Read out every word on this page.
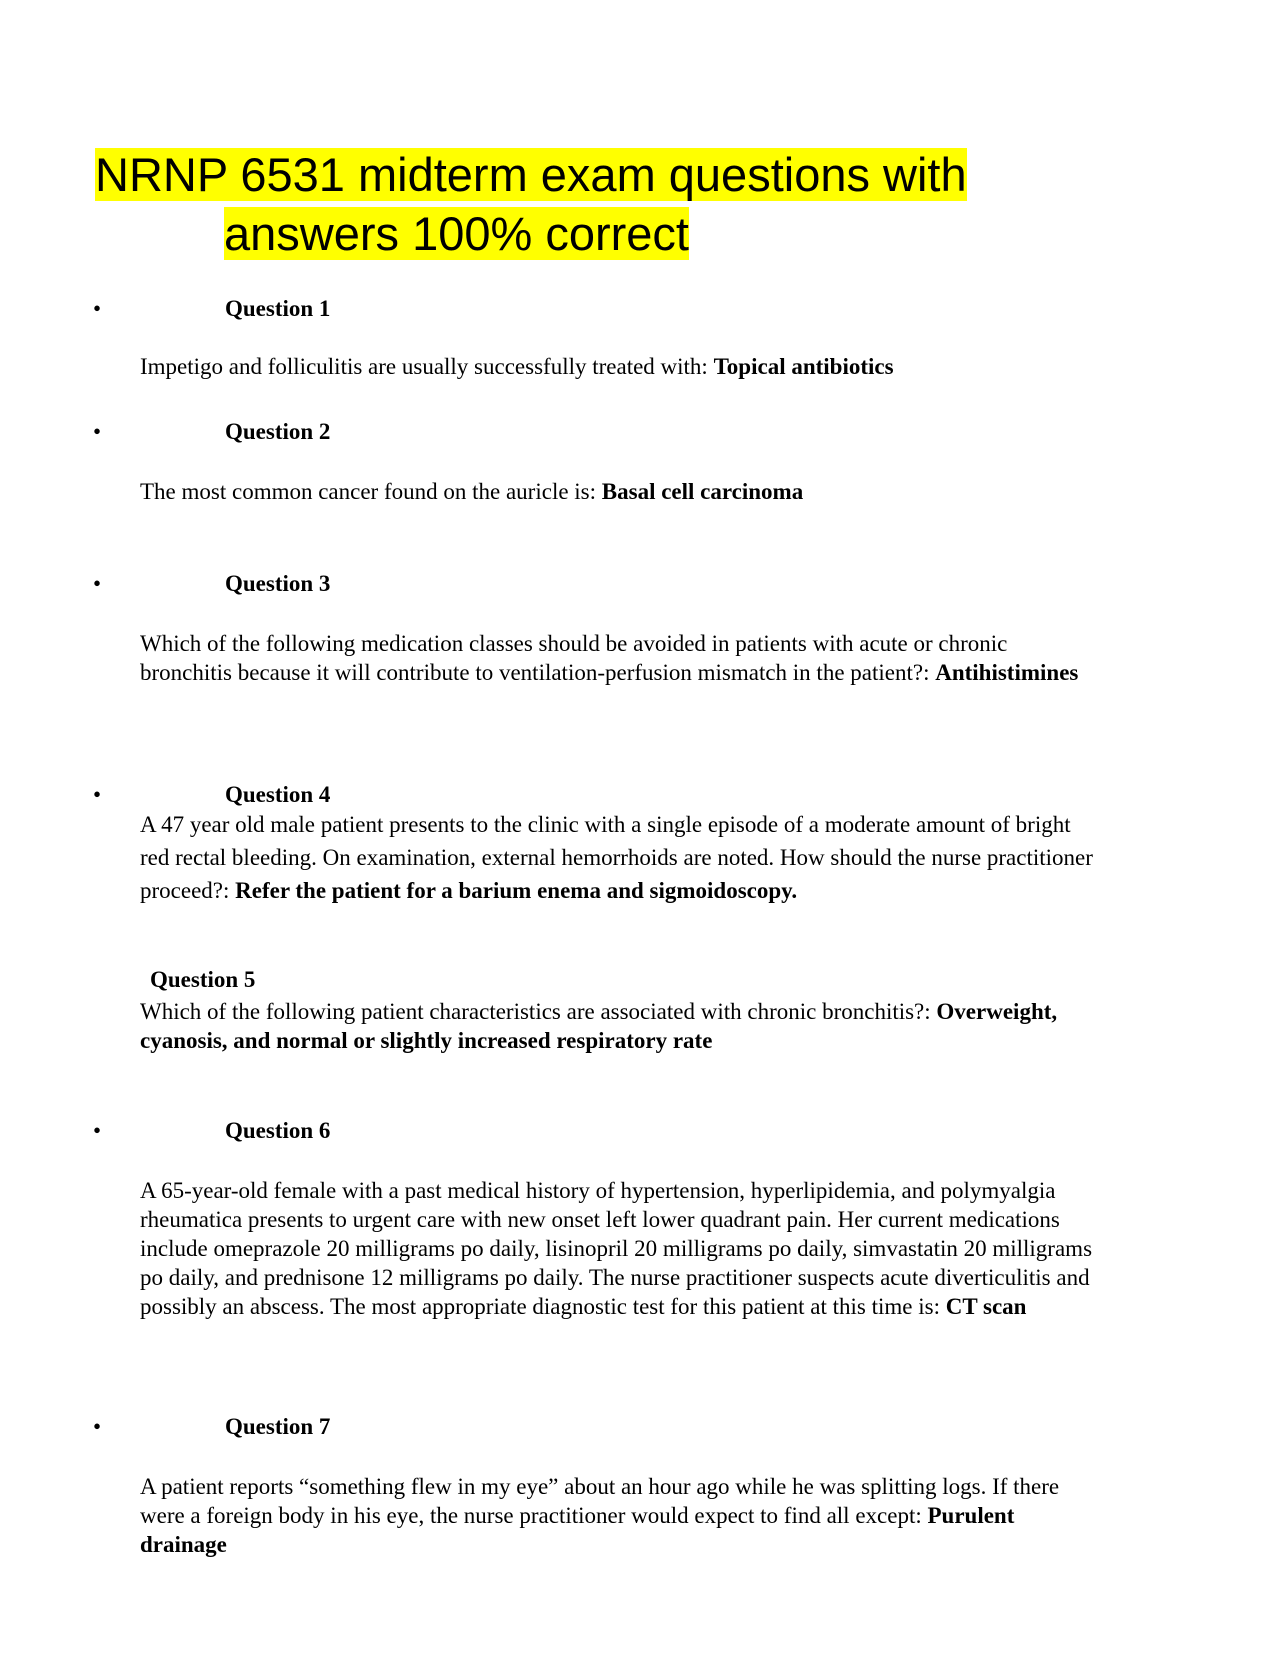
NRNP 6531 midterm exam questions with
answers 100% correct
•	Question 1
Impetigo and folliculitis are usually successfully treated with: Topical antibiotics
•	Question 2
The most common cancer found on the auricle is: Basal cell carcinoma
•	Question 3
Which of the following medication classes should be avoided in patients with acute or chronic bronchitis because it will contribute to ventilation-perfusion mismatch in the patient?: Antihistimines
•	Question 4
A 47 year old male patient presents to the clinic with a single episode of a moderate amount of bright red rectal bleeding. On examination, external hemorrhoids are noted. How should the nurse practitioner proceed?: Refer the patient for a barium enema and sigmoidoscopy.
Question 5
Which of the following patient characteristics are associated with chronic bronchitis?: Overweight, cyanosis, and normal or slightly increased respiratory rate
•	Question 6
A 65-year-old female with a past medical history of hypertension, hyperlipidemia, and polymyalgia rheumatica presents to urgent care with new onset left lower quadrant pain. Her current medications include omeprazole 20 milligrams po daily, lisinopril 20 milligrams po daily, simvastatin 20 milligrams po daily, and prednisone 12 milligrams po daily. The nurse practitioner suspects acute diverticulitis and possibly an abscess. The most appropriate diagnostic test for this patient at this time is: CT scan
•	Question 7
A patient reports “something flew in my eye” about an hour ago while he was splitting logs. If there were a foreign body in his eye, the nurse practitioner would expect to find all except: Purulent drainage
